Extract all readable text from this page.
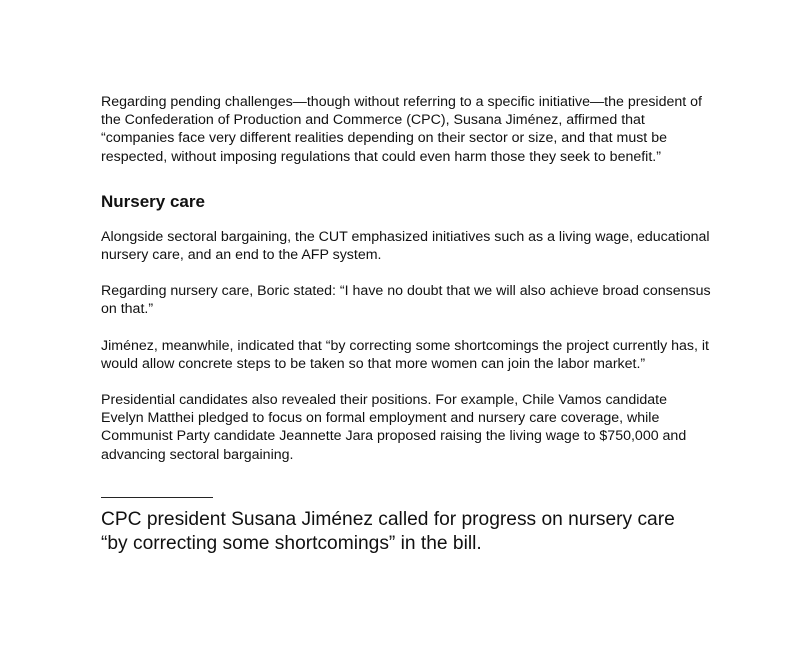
Regarding pending challenges—though without referring to a specific initiative—the president of the Confederation of Production and Commerce (CPC), Susana Jiménez, affirmed that “companies face very different realities depending on their sector or size, and that must be respected, without imposing regulations that could even harm those they seek to benefit.”

Nursery care

Alongside sectoral bargaining, the CUT emphasized initiatives such as a living wage, educational nursery care, and an end to the AFP system.

Regarding nursery care, Boric stated: “I have no doubt that we will also achieve broad consensus on that.”

Jiménez, meanwhile, indicated that “by correcting some shortcomings the project currently has, it would allow concrete steps to be taken so that more women can join the labor market.”

Presidential candidates also revealed their positions. For example, Chile Vamos candidate Evelyn Matthei pledged to focus on formal employment and nursery care coverage, while Communist Party candidate Jeannette Jara proposed raising the living wage to $750,000 and advancing sectoral bargaining.

————————

CPC president Susana Jiménez called for progress on nursery care “by correcting some shortcomings” in the bill.
